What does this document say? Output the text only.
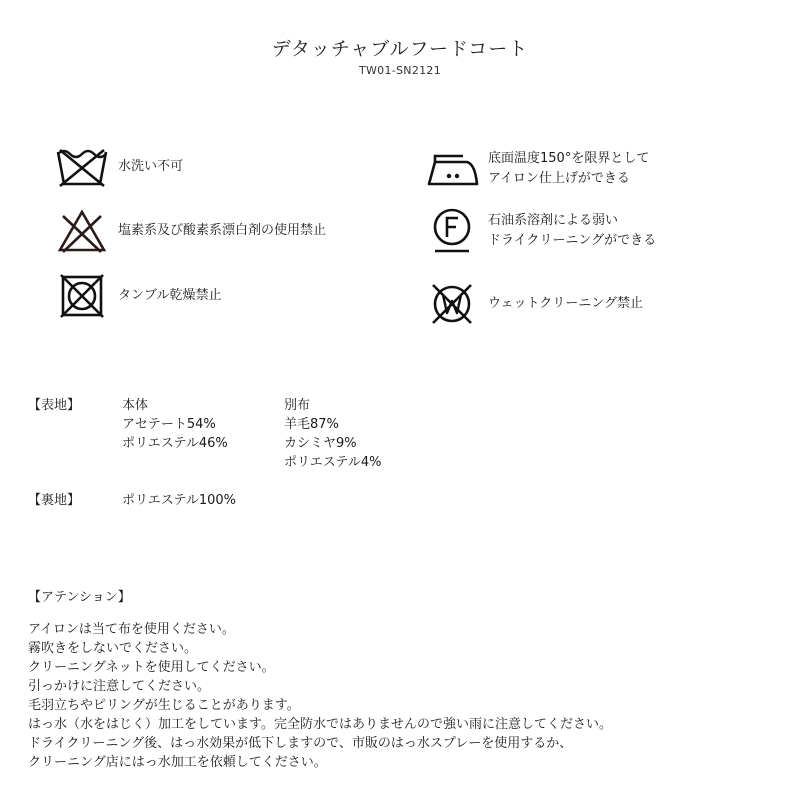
デタッチャブルフードコート
TW01-SN2121
水洗い不可
塩素系及び酸素系漂白剤の使用禁止
タンブル乾燥禁止
底面温度150°を限界として
アイロン仕上げができる
石油系溶剤による弱い
ドライクリーニングができる
ウェットクリーニング禁止
【表地】	本体
アセテート54%
ポリエステル46%
別布
羊毛87%
カシミヤ9%
ポリエステル4%
【裏地】	ポリエステル100%
【アテンション】
アイロンは当て布を使用ください。
霧吹きをしないでください。
クリーニングネットを使用してください。
引っかけに注意してください。
毛羽立ちやピリングが生じることがあります。
はっ水（水をはじく）加工をしています。完全防水ではありませんので強い雨に注意してください。
ドライクリーニング後、はっ水効果が低下しますので、市販のはっ水スプレーを使用するか、
クリーニング店にはっ水加工を依頼してください。
